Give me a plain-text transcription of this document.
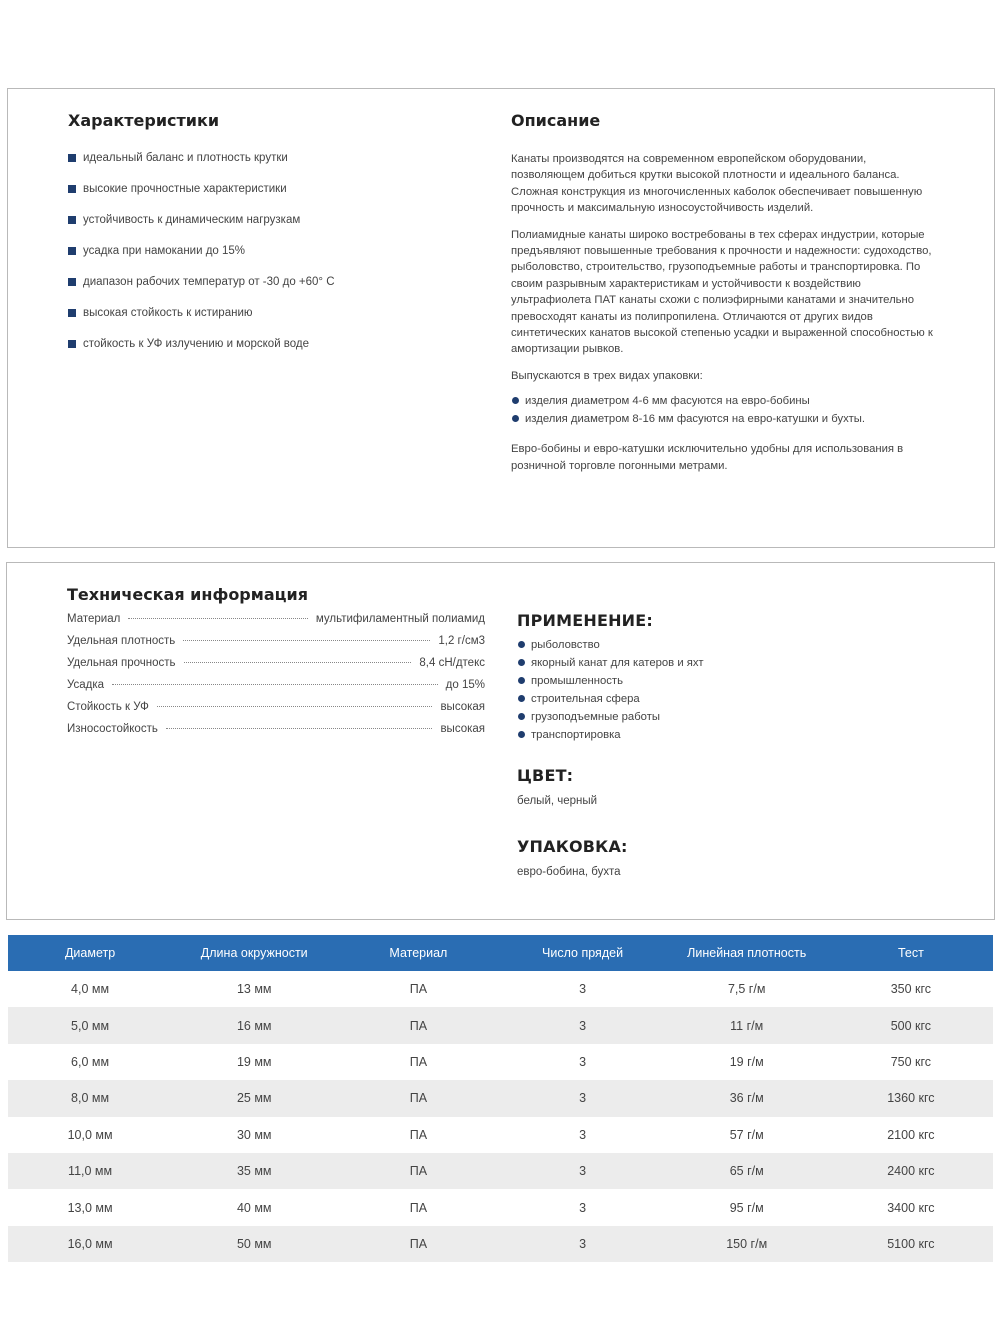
Характеристики
идеальный баланс и плотность крутки
высокие прочностные характеристики
устойчивость к динамическим нагрузкам
усадка при намокании до 15%
диапазон рабочих температур от -30 до +60° С
высокая стойкость к истиранию
стойкость к УФ излучению и морской воде
Описание

Канаты производятся на современном европейском оборудовании, позволяющем добиться крутки высокой плотности и идеального баланса. Сложная конструкция из многочисленных каболок обеспечивает повышенную прочность и максимальную износоустойчивость изделий.

Полиамидные канаты широко востребованы в тех сферах индустрии, которые предъявляют повышенные требования к прочности и надежности: судоходство, рыболовство, строительство, грузоподъемные работы и транспортировка. По своим разрывным характеристикам и устойчивости к воздействию ультрафиолета ПАТ канаты схожи с полиэфирными канатами и значительно превосходят канаты из полипропилена. Отличаются от других видов синтетических канатов высокой степенью усадки и выраженной способностью к амортизации рывков.

Выпускаются в трех видах упаковки:

изделия диаметром 4-6 мм фасуются на евро-бобины
изделия диаметром 8-16 мм фасуются на евро-катушки и бухты.

Евро-бобины и евро-катушки исключительно удобны для использования в розничной торговле погонными метрами.

Техническая информация
Материал	мультифиламентный полиамид
Удельная плотность	1,2 г/см3
Удельная прочность	8,4 сН/дтекс
Усадка	до 15%
Стойкость к УФ	высокая
Износостойкость	высокая
ПРИМЕНЕНИЕ:
рыболовство
якорный канат для катеров и яхт
промышленность
строительная сфера
грузоподъемные работы
транспортировка
ЦВЕТ:
белый, черный
УПАКОВКА:
евро-бобина, бухта
Диаметр	Длина окружности	Материал	Число прядей	Линейная плотность	Тест
4,0 мм	13 мм	ПА	3	7,5 г/м	350 кгс
5,0 мм	16 мм	ПА	3	11 г/м	500 кгс
6,0 мм	19 мм	ПА	3	19 г/м	750 кгс
8,0 мм	25 мм	ПА	3	36 г/м	1360 кгс
10,0 мм	30 мм	ПА	3	57 г/м	2100 кгс
11,0 мм	35 мм	ПА	3	65 г/м	2400 кгс
13,0 мм	40 мм	ПА	3	95 г/м	3400 кгс
16,0 мм	50 мм	ПА	3	150 г/м	5100 кгс
